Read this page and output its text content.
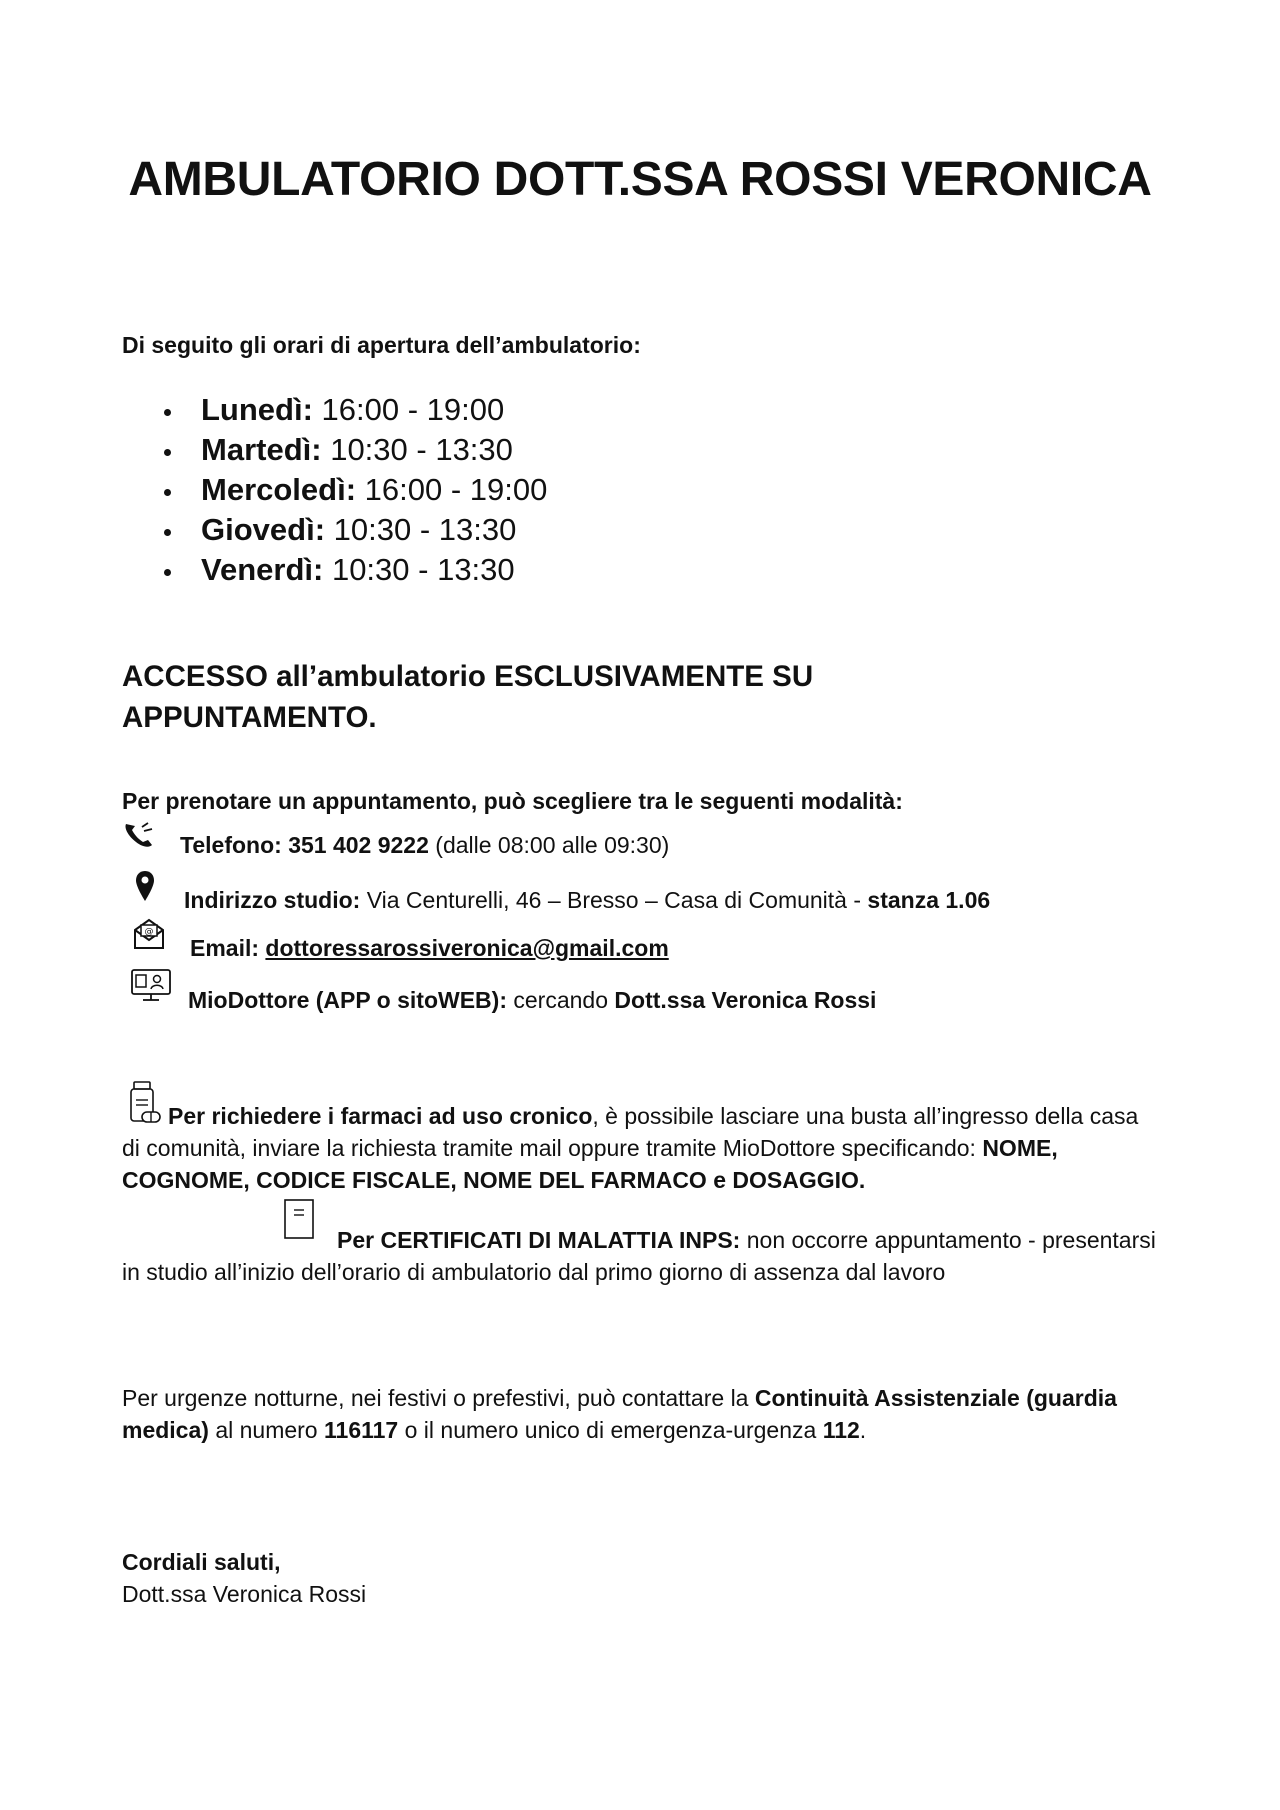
AMBULATORIO DOTT.SSA ROSSI VERONICA
Di seguito gli orari di apertura dell’ambulatorio:
Lunedì: 16:00 - 19:00
Martedì: 10:30 - 13:30
Mercoledì: 16:00 - 19:00
Giovedì: 10:30 - 13:30
Venerdì: 10:30 - 13:30
ACCESSO all’ambulatorio ESCLUSIVAMENTE SU APPUNTAMENTO.
Per prenotare un appuntamento, può scegliere tra le seguenti modalità:
Telefono: 351 402 9222 (dalle 08:00 alle 09:30)
Indirizzo studio: Via Centurelli, 46 – Bresso – Casa di Comunità - stanza 1.06
@
Email: dottoressarossiveronica@gmail.com
MioDottore (APP o sitoWEB): cercando Dott.ssa Veronica Rossi
Per richiedere i farmaci ad uso cronico, è possibile lasciare una busta all’ingresso della casa di comunità, inviare la richiesta tramite mail oppure tramite MioDottore specificando: NOME, COGNOME, CODICE FISCALE, NOME DEL FARMACO e DOSAGGIO.
Per CERTIFICATI DI MALATTIA INPS: non occorre appuntamento - presentarsi in studio all’inizio dell’orario di ambulatorio dal primo giorno di assenza dal lavoro
Per urgenze notturne, nei festivi o prefestivi, può contattare la Continuità Assistenziale (guardia medica) al numero 116117 o il numero unico di emergenza-urgenza 112.
Cordiali saluti,
Dott.ssa Veronica Rossi
